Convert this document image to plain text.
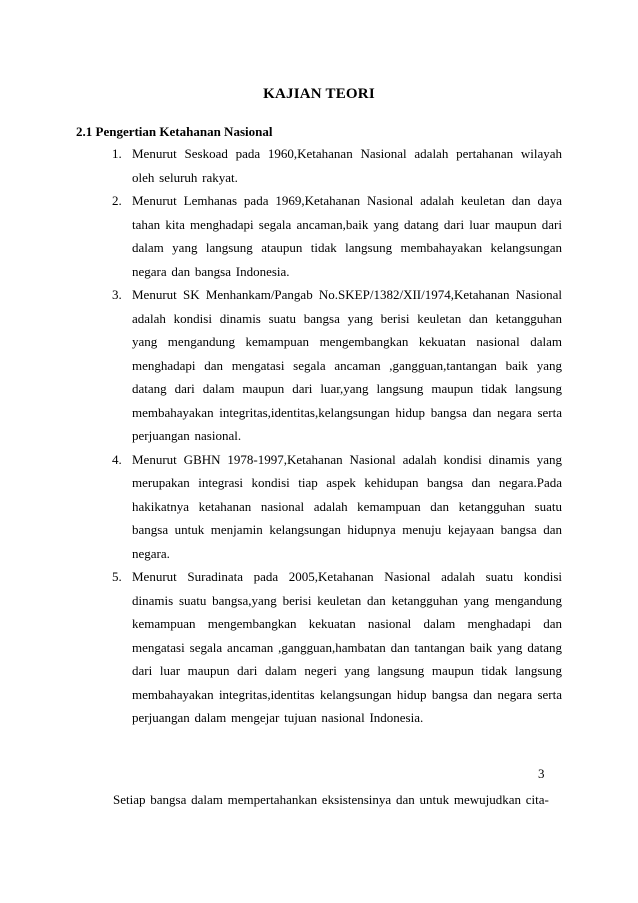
KAJIAN TEORI
2.1 Pengertian Ketahanan Nasional
1. Menurut Seskoad pada 1960,Ketahanan Nasional adalah pertahanan wilayah oleh seluruh rakyat.
2. Menurut Lemhanas pada 1969,Ketahanan Nasional adalah keuletan dan daya tahan kita menghadapi segala ancaman,baik yang datang dari luar maupun dari dalam yang langsung ataupun tidak langsung membahayakan kelangsungan negara dan bangsa Indonesia.
3. Menurut SK Menhankam/Pangab No.SKEP/1382/XII/1974,Ketahanan Nasional adalah kondisi dinamis suatu bangsa yang berisi keuletan dan ketangguhan yang mengandung kemampuan mengembangkan kekuatan nasional dalam menghadapi dan mengatasi segala ancaman ,gangguan,tantangan baik yang datang dari dalam maupun dari luar,yang langsung maupun tidak langsung membahayakan integritas,identitas,kelangsungan hidup bangsa dan negara serta perjuangan nasional.
4. Menurut GBHN 1978-1997,Ketahanan Nasional adalah kondisi dinamis yang merupakan integrasi kondisi tiap aspek kehidupan bangsa dan negara.Pada hakikatnya ketahanan nasional adalah kemampuan dan ketangguhan suatu bangsa untuk menjamin kelangsungan hidupnya menuju kejayaan bangsa dan negara.
5. Menurut Suradinata pada 2005,Ketahanan Nasional adalah suatu kondisi dinamis suatu bangsa,yang berisi keuletan dan ketangguhan yang mengandung kemampuan mengembangkan kekuatan nasional dalam menghadapi dan mengatasi segala ancaman ,gangguan,hambatan dan tantangan baik yang datang dari luar maupun dari dalam negeri yang langsung maupun tidak langsung membahayakan integritas,identitas kelangsungan hidup bangsa dan negara serta perjuangan dalam mengejar tujuan nasional Indonesia.
3
Setiap bangsa dalam mempertahankan eksistensinya dan untuk mewujudkan cita-
